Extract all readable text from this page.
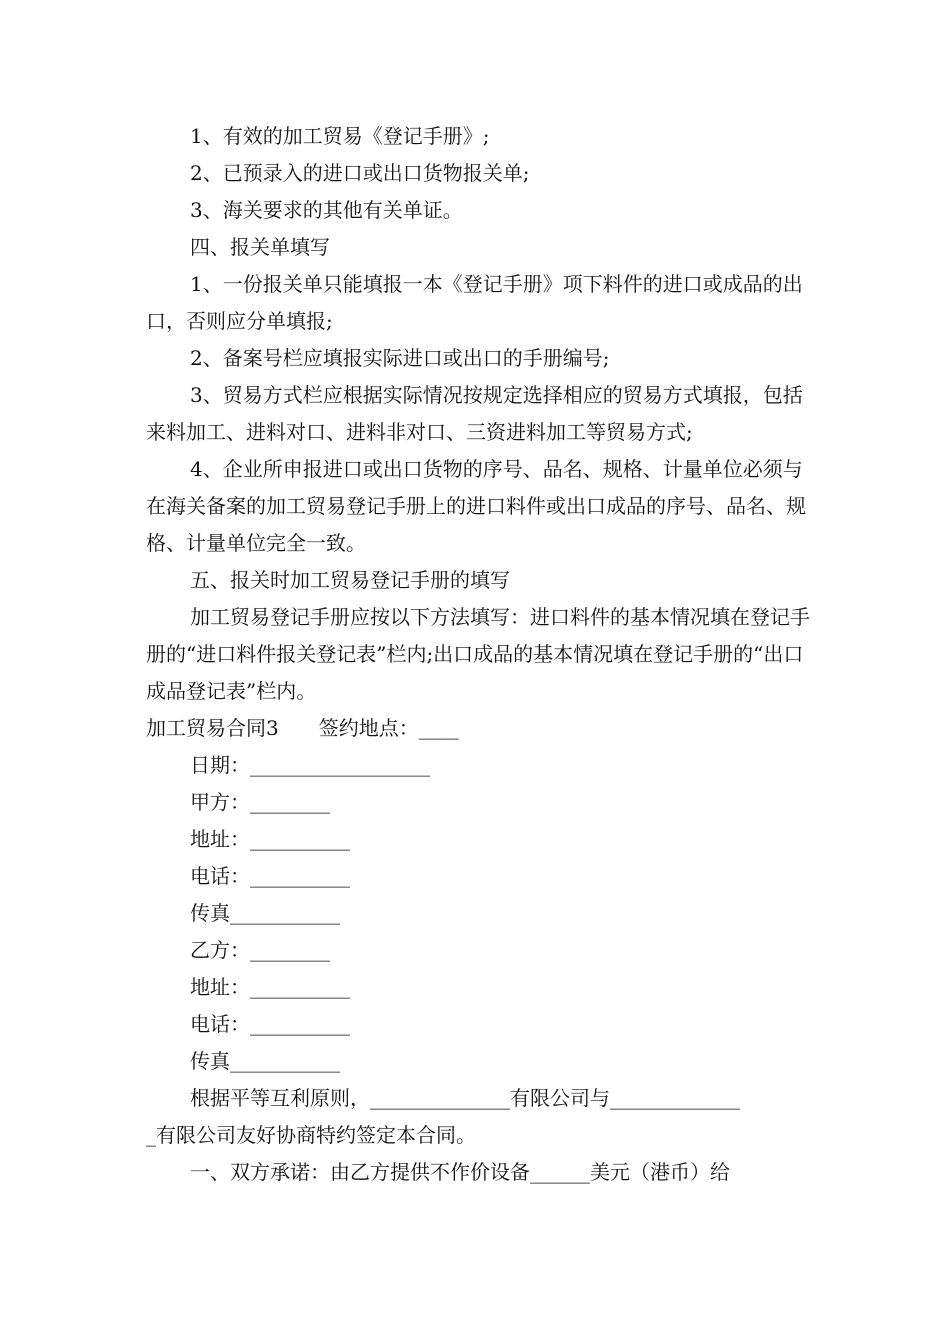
1、有效的加工贸易《登记手册》;

2、已预录入的进口或出口货物报关单;

3、海关要求的其他有关单证。

四、报关单填写

1、一份报关单只能填报一本《登记手册》项下料件的进口或成品的出口，否则应分单填报;

2、备案号栏应填报实际进口或出口的手册编号;

3、贸易方式栏应根据实际情况按规定选择相应的贸易方式填报，包括来料加工、进料对口、进料非对口、三资进料加工等贸易方式;

4、企业所申报进口或出口货物的序号、品名、规格、计量单位必须与在海关备案的加工贸易登记手册上的进口料件或出口成品的序号、品名、规格、计量单位完全一致。

五、报关时加工贸易登记手册的填写

加工贸易登记手册应按以下方法填写：进口料件的基本情况填在登记手册的“进口料件报关登记表”栏内;出口成品的基本情况填在登记手册的“出口成品登记表”栏内。

加工贸易合同3　　签约地点：____

日期：__________________

甲方：________

地址：__________

电话：__________

传真___________

乙方：________

地址：__________

电话：__________

传真___________

根据平等互利原则，______________有限公司与_____________

_有限公司友好协商特约签定本合同。

一、双方承诺：由乙方提供不作价设备______美元（港币）给
